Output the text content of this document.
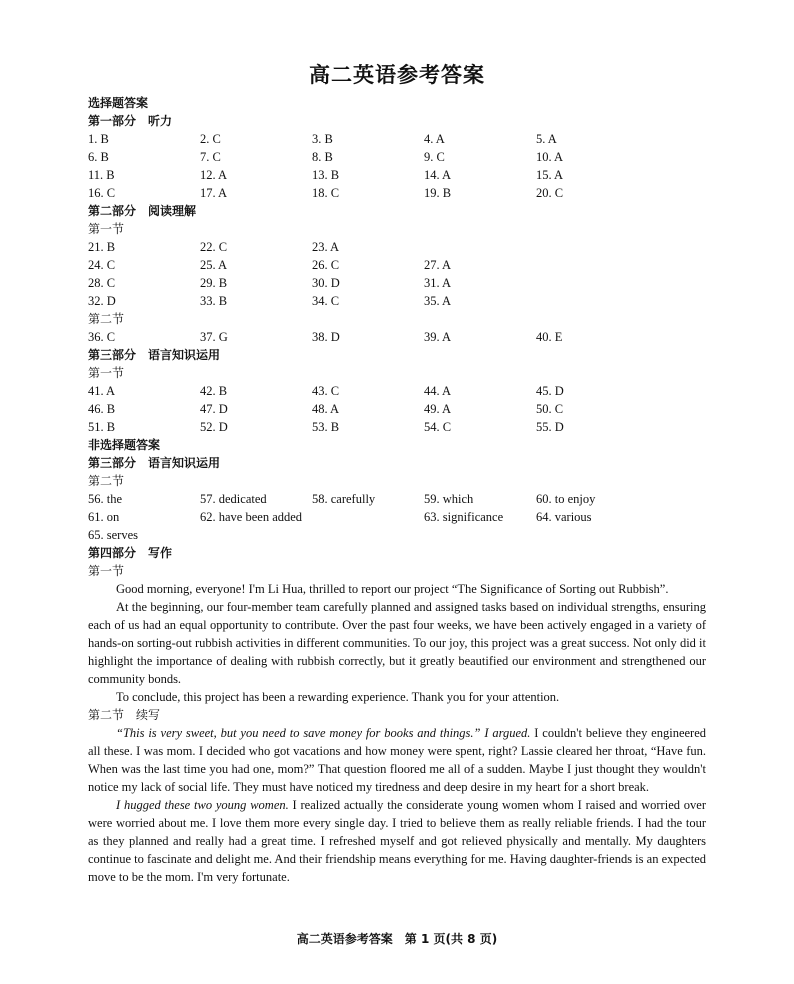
高二英语参考答案
选择题答案
第一部分　听力
1. B	2. C	3. B	4. A	5. A
6. B	7. C	8. B	9. C	10. A
11. B	12. A	13. B	14. A	15. A
16. C	17. A	18. C	19. B	20. C
第二部分　阅读理解
第一节
21. B	22. C	23. A
24. C	25. A	26. C	27. A
28. C	29. B	30. D	31. A
32. D	33. B	34. C	35. A
第二节
36. C	37. G	38. D	39. A	40. E
第三部分　语言知识运用
第一节
41. A	42. B	43. C	44. A	45. D
46. B	47. D	48. A	49. A	50. C
51. B	52. D	53. B	54. C	55. D
非选择题答案
第三部分　语言知识运用
第二节
56. the	57. dedicated	58. carefully	59. which	60. to enjoy
61. on	62. have been added	63. significance	64. various
65. serves
第四部分　写作
第一节

Good morning, everyone! I'm Li Hua, thrilled to report our project “The Significance of Sorting out Rubbish”.

At the beginning, our four-member team carefully planned and assigned tasks based on individual strengths, ensuring each of us had an equal opportunity to contribute. Over the past four weeks, we have been actively engaged in a variety of hands-on sorting-out rubbish activities in different communities. To our joy, this project was a great success. Not only did it highlight the importance of dealing with rubbish correctly, but it greatly beautified our environment and strengthened our community bonds.

To conclude, this project has been a rewarding experience. Thank you for your attention.

第二节　续写

“This is very sweet, but you need to save money for books and things.” I argued. I couldn't believe they engineered all these. I was mom. I decided who got vacations and how money were spent, right? Lassie cleared her throat, “Have fun. When was the last time you had one, mom?” That question floored me all of a sudden. Maybe I just thought they wouldn't notice my lack of social life. They must have noticed my tiredness and deep desire in my heart for a short break.

I hugged these two young women. I realized actually the considerate young women whom I raised and worried over were worried about me. I love them more every single day. I tried to believe them as really reliable friends. I had the tour as they planned and really had a great time. I refreshed myself and got relieved physically and mentally. My daughters continue to fascinate and delight me. And their friendship means everything for me. Having daughter-friends is an expected move to be the mom. I'm very fortunate.

高二英语参考答案　第 1 页(共 8 页)
